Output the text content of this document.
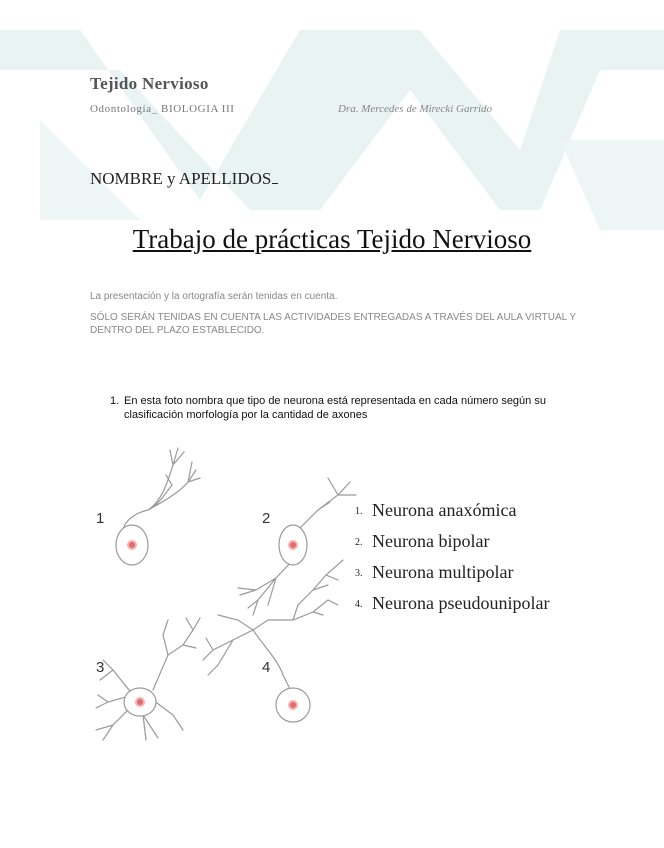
Tejido Nervioso
Odontología_ BIOLOGIA III	Dra. Mercedes de Mirecki Garrido
NOMBRE y APELLIDOS
Trabajo de prácticas Tejido Nervioso
La presentación y la ortografía serán tenidas en cuenta.
SÓLO SERÁN TENIDAS EN CUENTA LAS ACTIVIDADES ENTREGADAS A TRAVÉS DEL AULA VIRTUAL Y DENTRO DEL PLAZO ESTABLECIDO.
1. En esta foto nombra que tipo de neurona está representada en cada número según su clasificación morfología por la cantidad de axones
1	2
3	4
1. Neurona anaxómica
2. Neurona bipolar
3. Neurona multipolar
4. Neurona pseudounipolar
